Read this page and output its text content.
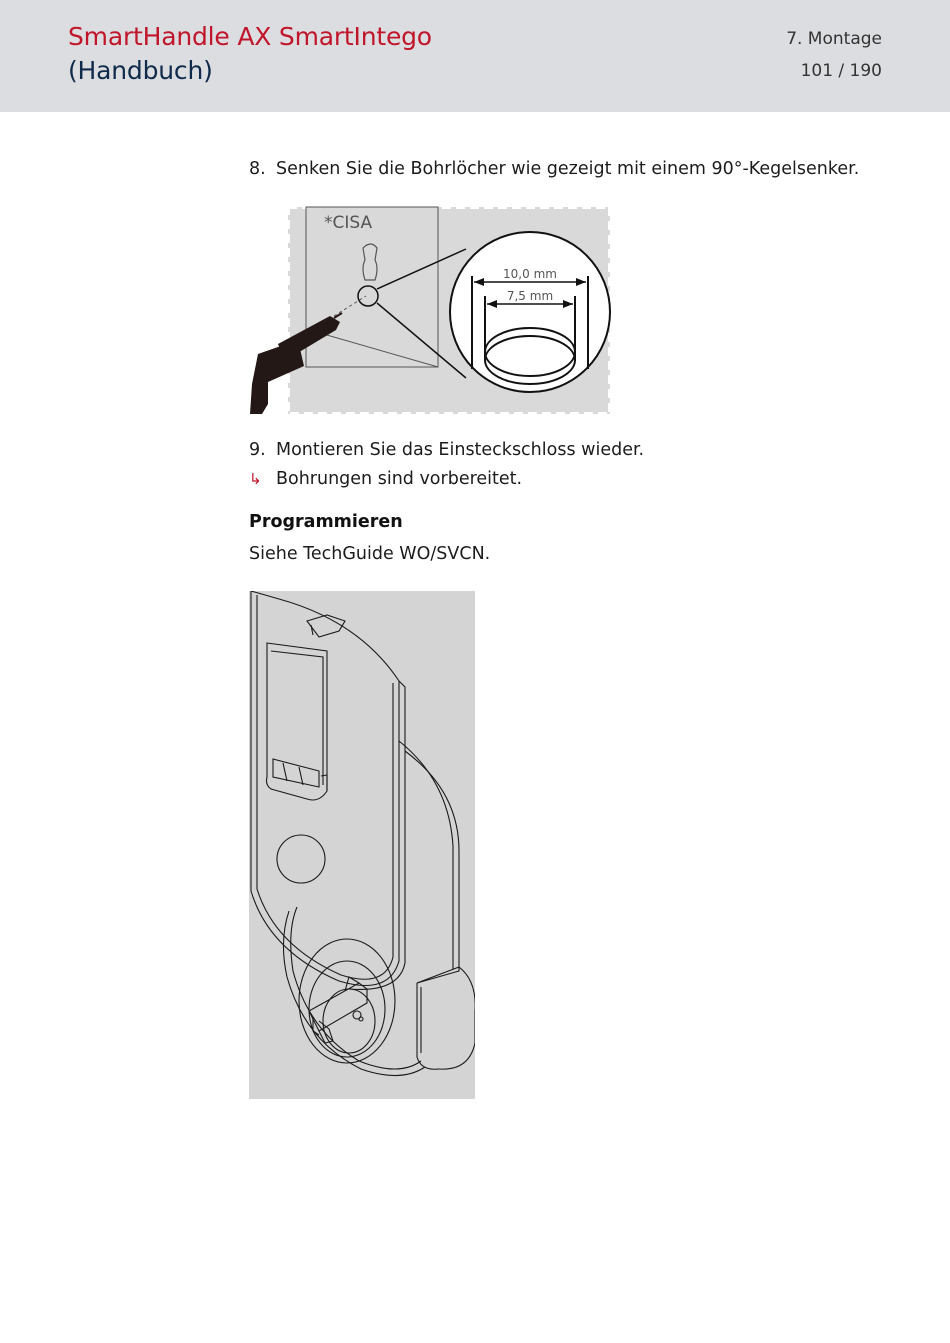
SmartHandle AX SmartIntego
(Handbuch)
7. Montage
101 / 190
8. Senken Sie die Bohrlöcher wie gezeigt mit einem 90°-Kegelsenker.
*CISA
10,0 mm
7,5 mm
9. Montieren Sie das Einsteckschloss wieder.
↳ Bohrungen sind vorbereitet.
Programmieren
Siehe TechGuide WO/SVCN.
